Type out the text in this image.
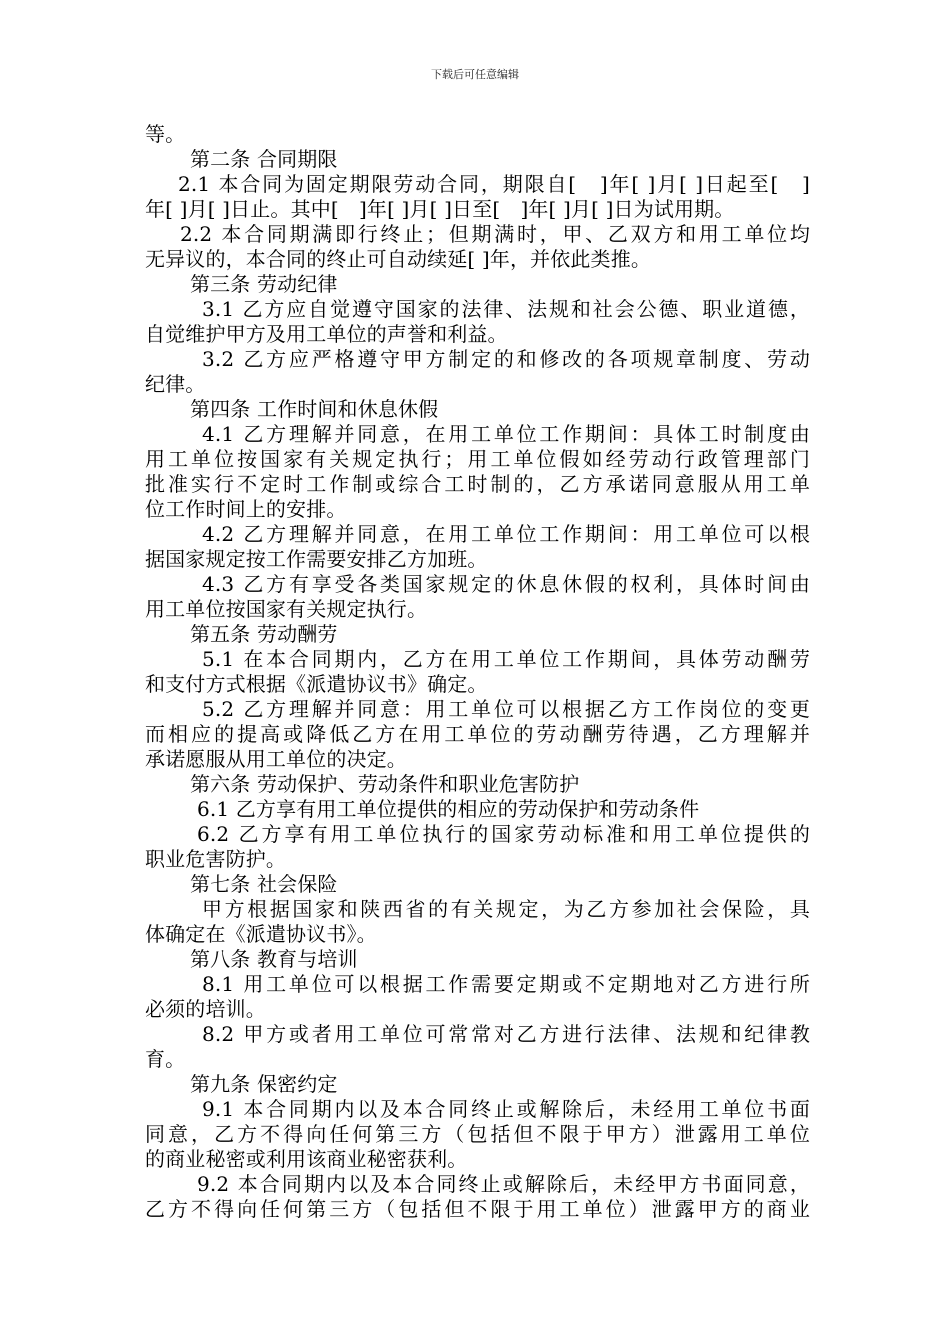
下载后可任意编辑
等。
第二条 合同期限
2.1 本合同为固定期限劳动合同，期限自[　]年[ ]月[ ]日起至[　]
年[ ]月[ ]日止。其中[　]年[ ]月[ ]日至[　]年[ ]月[ ]日为试用期。
2.2 本合同期满即行终止；但期满时，甲、乙双方和用工单位均
无异议的，本合同的终止可自动续延[ ]年，并依此类推。
第三条 劳动纪律
3.1 乙方应自觉遵守国家的法律、法规和社会公德、职业道德，
自觉维护甲方及用工单位的声誉和利益。
3.2 乙方应严格遵守甲方制定的和修改的各项规章制度、劳动
纪律。
第四条 工作时间和休息休假
4.1 乙方理解并同意，在用工单位工作期间：具体工时制度由
用工单位按国家有关规定执行；用工单位假如经劳动行政管理部门
批准实行不定时工作制或综合工时制的，乙方承诺同意服从用工单
位工作时间上的安排。
4.2 乙方理解并同意，在用工单位工作期间：用工单位可以根
据国家规定按工作需要安排乙方加班。
4.3 乙方有享受各类国家规定的休息休假的权利，具体时间由
用工单位按国家有关规定执行。
第五条 劳动酬劳
5.1 在本合同期内，乙方在用工单位工作期间，具体劳动酬劳
和支付方式根据《派遣协议书》确定。
5.2 乙方理解并同意：用工单位可以根据乙方工作岗位的变更
而相应的提高或降低乙方在用工单位的劳动酬劳待遇，乙方理解并
承诺愿服从用工单位的决定。
第六条 劳动保护、劳动条件和职业危害防护
6.1 乙方享有用工单位提供的相应的劳动保护和劳动条件
6.2 乙方享有用工单位执行的国家劳动标准和用工单位提供的
职业危害防护。
第七条 社会保险
甲方根据国家和陕西省的有关规定，为乙方参加社会保险，具
体确定在《派遣协议书》。
第八条 教育与培训
8.1 用工单位可以根据工作需要定期或不定期地对乙方进行所
必须的培训。
8.2 甲方或者用工单位可常常对乙方进行法律、法规和纪律教
育。
第九条 保密约定
9.1 本合同期内以及本合同终止或解除后，未经用工单位书面
同意，乙方不得向任何第三方（包括但不限于甲方）泄露用工单位
的商业秘密或利用该商业秘密获利。
9.2 本合同期内以及本合同终止或解除后，未经甲方书面同意，
乙方不得向任何第三方（包括但不限于用工单位）泄露甲方的商业
